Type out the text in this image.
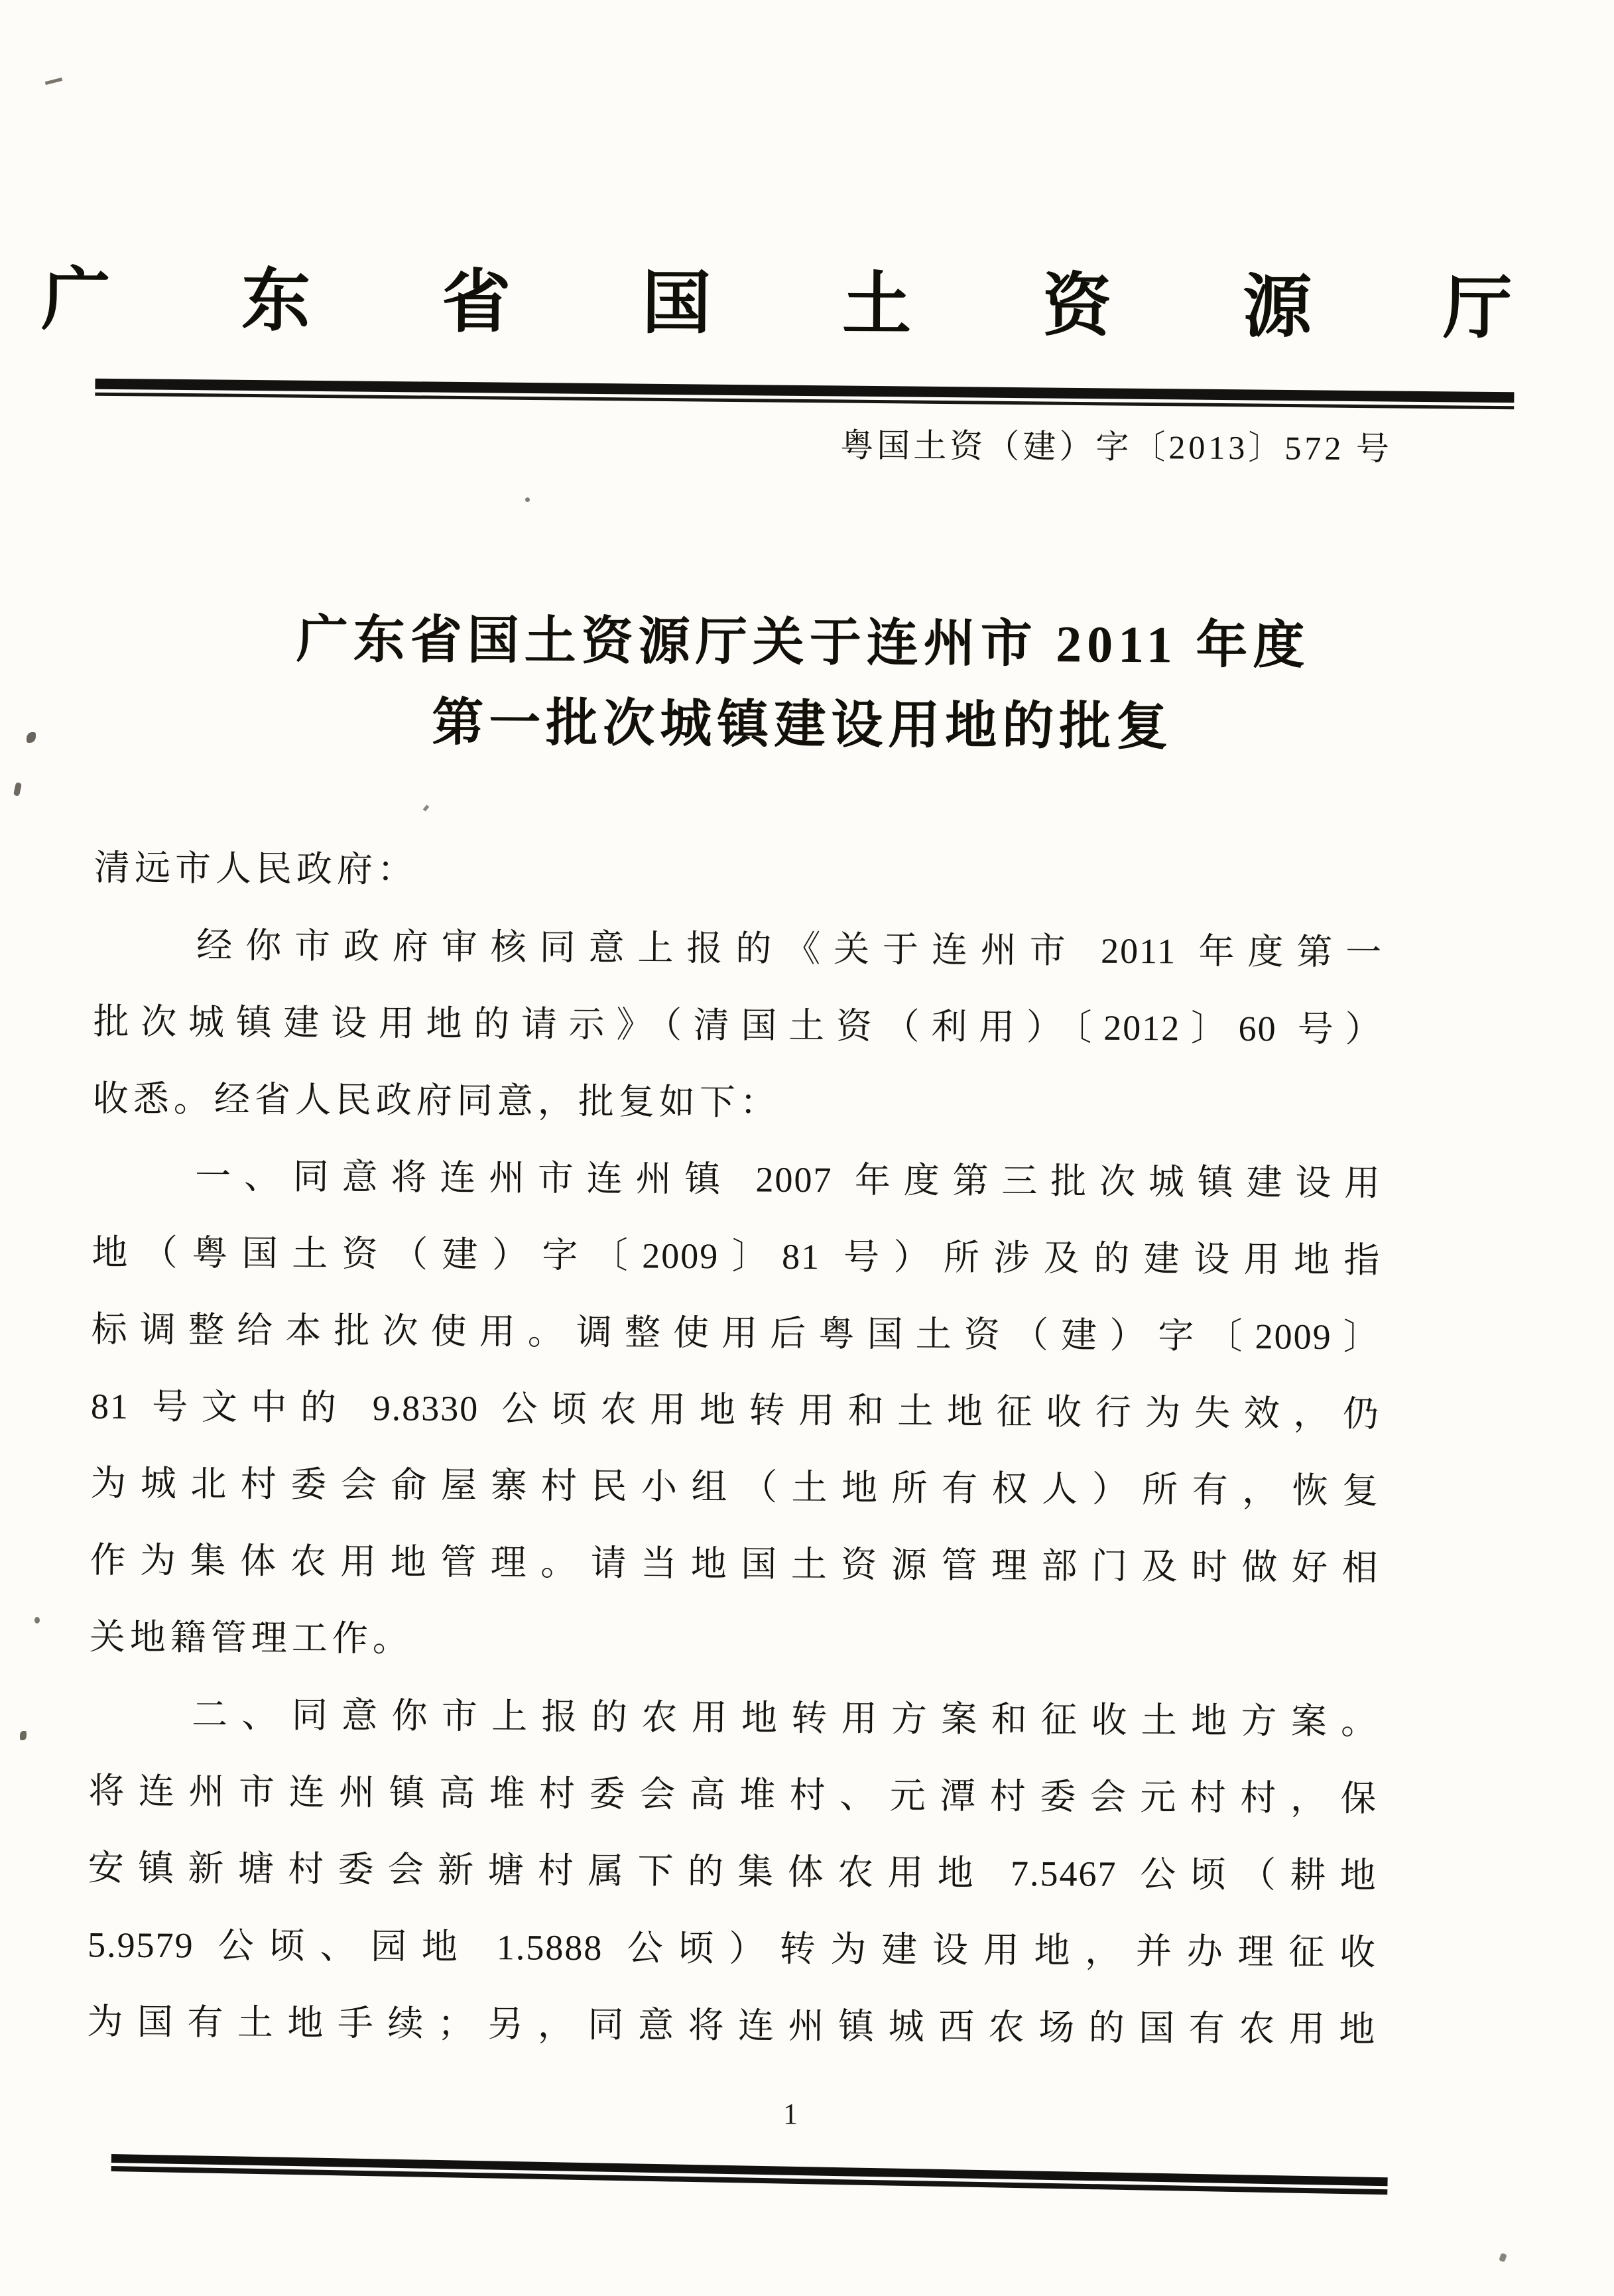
广 东 省 国 土 资 源 厅
粤国土资（建）字〔2013〕572 号
广东省国土资源厅关于连州市 2011 年度
第一批次城镇建设用地的批复
清远市人民政府：
经你市政府审核同意上报的《关于连州市 2011 年度第一
批次城镇建设用地的请示》（清国土资（利用）〔2012〕60 号）
收悉。经省人民政府同意，批复如下：
一、同意将连州市连州镇 2007 年度第三批次城镇建设用
地（粤国土资（建）字〔2009〕81 号）所涉及的建设用地指
标调整给本批次使用。调整使用后粤国土资（建）字〔2009〕
81 号文中的 9.8330 公顷农用地转用和土地征收行为失效，仍
为城北村委会俞屋寨村民小组（土地所有权人）所有，恢复
作为集体农用地管理。请当地国土资源管理部门及时做好相
关地籍管理工作。
二、同意你市上报的农用地转用方案和征收土地方案。
将连州市连州镇高堆村委会高堆村、元潭村委会元村村，保
安镇新塘村委会新塘村属下的集体农用地 7.5467 公顷（耕地
5.9579 公顷、园地 1.5888 公顷）转为建设用地，并办理征收
为国有土地手续；另，同意将连州镇城西农场的国有农用地
1
